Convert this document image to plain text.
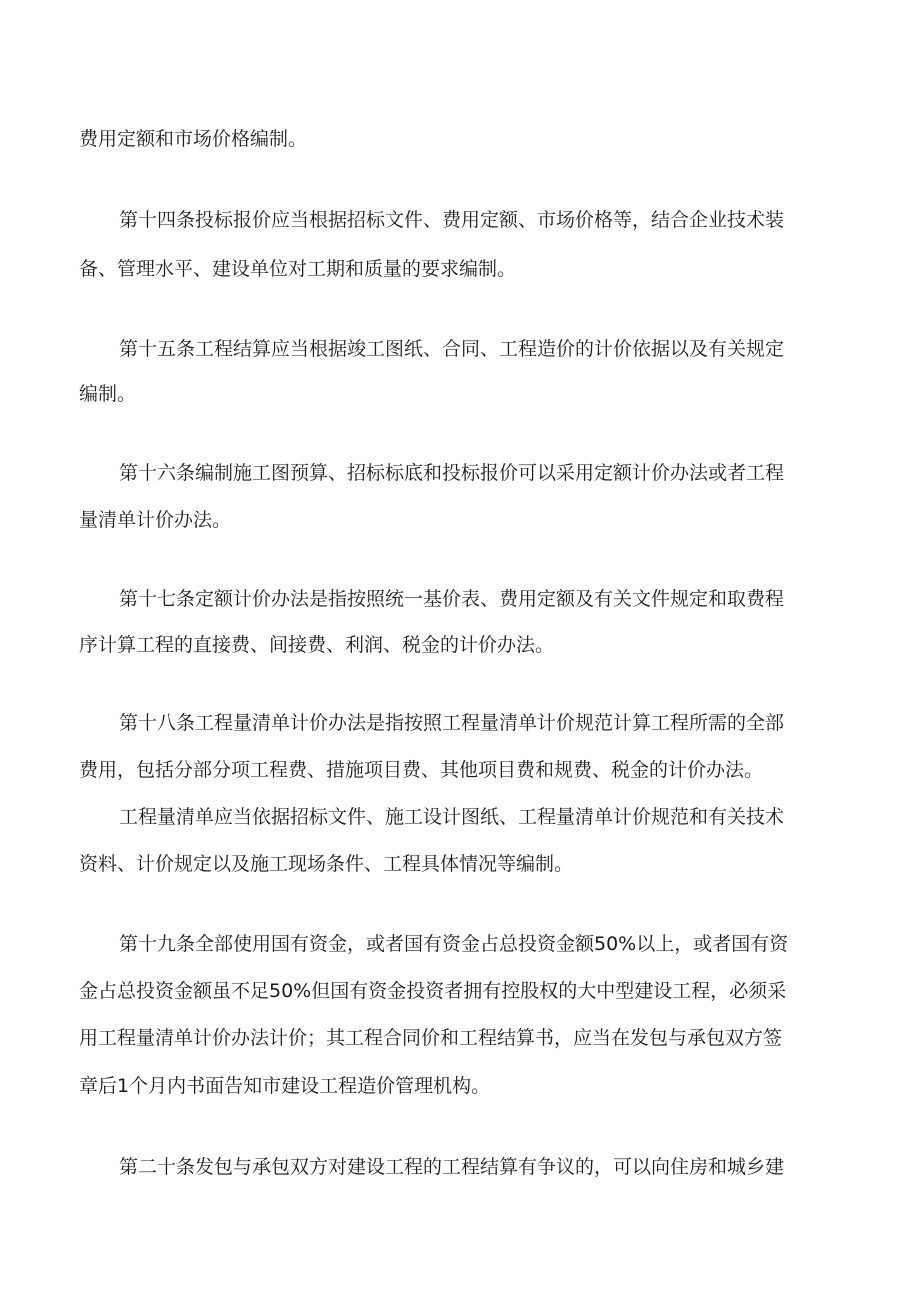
费用定额和市场价格编制。
第十四条投标报价应当根据招标文件、费用定额、市场价格等，结合企业技术装
备、管理水平、建设单位对工期和质量的要求编制。
第十五条工程结算应当根据竣工图纸、合同、工程造价的计价依据以及有关规定
编制。
第十六条编制施工图预算、招标标底和投标报价可以采用定额计价办法或者工程
量清单计价办法。
第十七条定额计价办法是指按照统一基价表、费用定额及有关文件规定和取费程
序计算工程的直接费、间接费、利润、税金的计价办法。
第十八条工程量清单计价办法是指按照工程量清单计价规范计算工程所需的全部
费用，包括分部分项工程费、措施项目费、其他项目费和规费、税金的计价办法。
工程量清单应当依据招标文件、施工设计图纸、工程量清单计价规范和有关技术
资料、计价规定以及施工现场条件、工程具体情况等编制。
第十九条全部使用国有资金，或者国有资金占总投资金额50%以上，或者国有资
金占总投资金额虽不足50%但国有资金投资者拥有控股权的大中型建设工程，必须采
用工程量清单计价办法计价；其工程合同价和工程结算书，应当在发包与承包双方签
章后1个月内书面告知市建设工程造价管理机构。
第二十条发包与承包双方对建设工程的工程结算有争议的，可以向住房和城乡建
